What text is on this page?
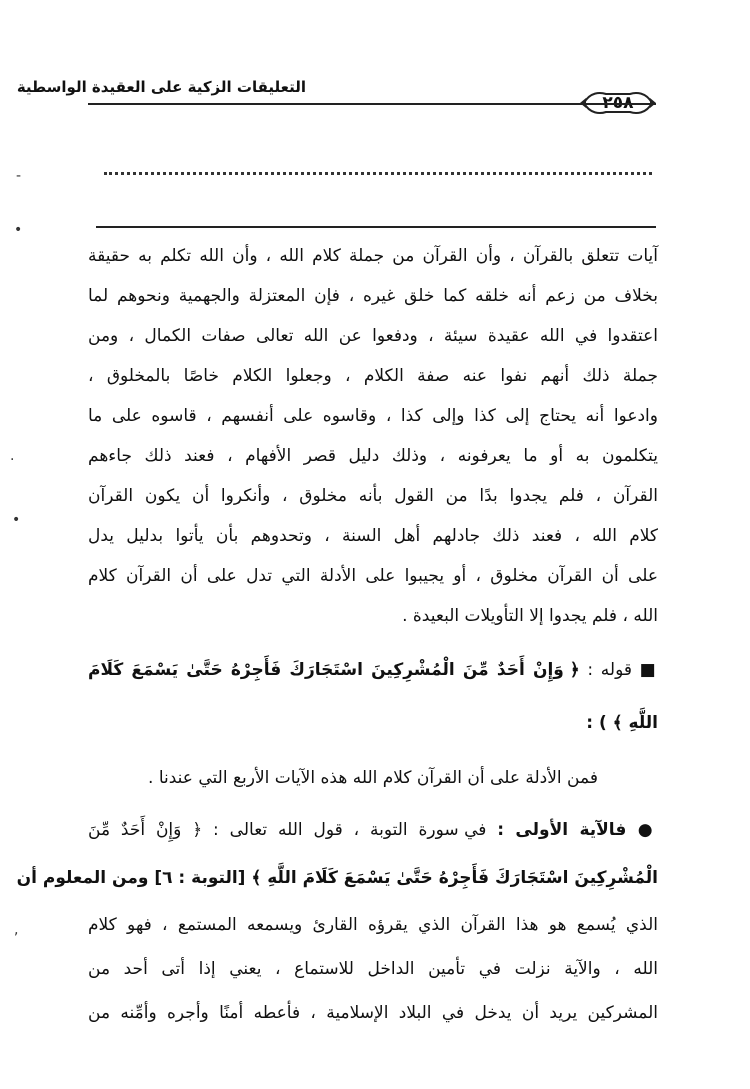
التعليقات الزكية على العقيدة الواسطية
٢٥٨
-
•
·
•
,
آيات تتعلق بالقرآن ، وأن القرآن من جملة كلام الله ، وأن الله تكلم به حقيقة
بخلاف من زعم أنه خلقه كما خلق غيره ، فإن المعتزلة والجهمية ونحوهم لما
اعتقدوا في الله عقيدة سيئة ، ودفعوا عن الله تعالى صفات الكمال ، ومن
جملة ذلك أنهم نفوا عنه صفة الكلام ، وجعلوا الكلام خاصًا بالمخلوق ،
وادعوا أنه يحتاج إلى كذا وإلى كذا ، وقاسوه على أنفسهم ، قاسوه على ما
يتكلمون به أو ما يعرفونه ، وذلك دليل قصر الأفهام ، فعند ذلك جاءهم
القرآن ، فلم يجدوا بدًا من القول بأنه مخلوق ، وأنكروا أن يكون القرآن
كلام الله ، فعند ذلك جادلهم أهل السنة ، وتحدوهم بأن يأتوا بدليل يدل
على أن القرآن مخلوق ، أو يجيبوا على الأدلة التي تدل على أن القرآن كلام
الله ، فلم يجدوا إلا التأويلات البعيدة .
■ قوله : ﴿ وَإِنْ أَحَدٌ مِّنَ الْمُشْرِكِينَ اسْتَجَارَكَ فَأَجِرْهُ حَتَّىٰ يَسْمَعَ كَلَامَ
اللَّهِ ﴾ ) :
فمن الأدلة على أن القرآن كلام الله هذه الآيات الأربع التي عندنا .
● فالآية الأولى : في سورة التوبة ، قول الله تعالى : ﴿ وَإِنْ أَحَدٌ مِّنَ
الْمُشْرِكِينَ اسْتَجَارَكَ فَأَجِرْهُ حَتَّىٰ يَسْمَعَ كَلَامَ اللَّهِ ﴾ [التوبة : ٦] ومن المعلوم أن
الذي يُسمع هو هذا القرآن الذي يقرؤه القارئ ويسمعه المستمع ، فهو كلام
الله ، والآية نزلت في تأمين الداخل للاستماع ، يعني إذا أتى أحد من
المشركين يريد أن يدخل في البلاد الإسلامية ، فأعطه أمنًا وأجره وأمِّنه من
